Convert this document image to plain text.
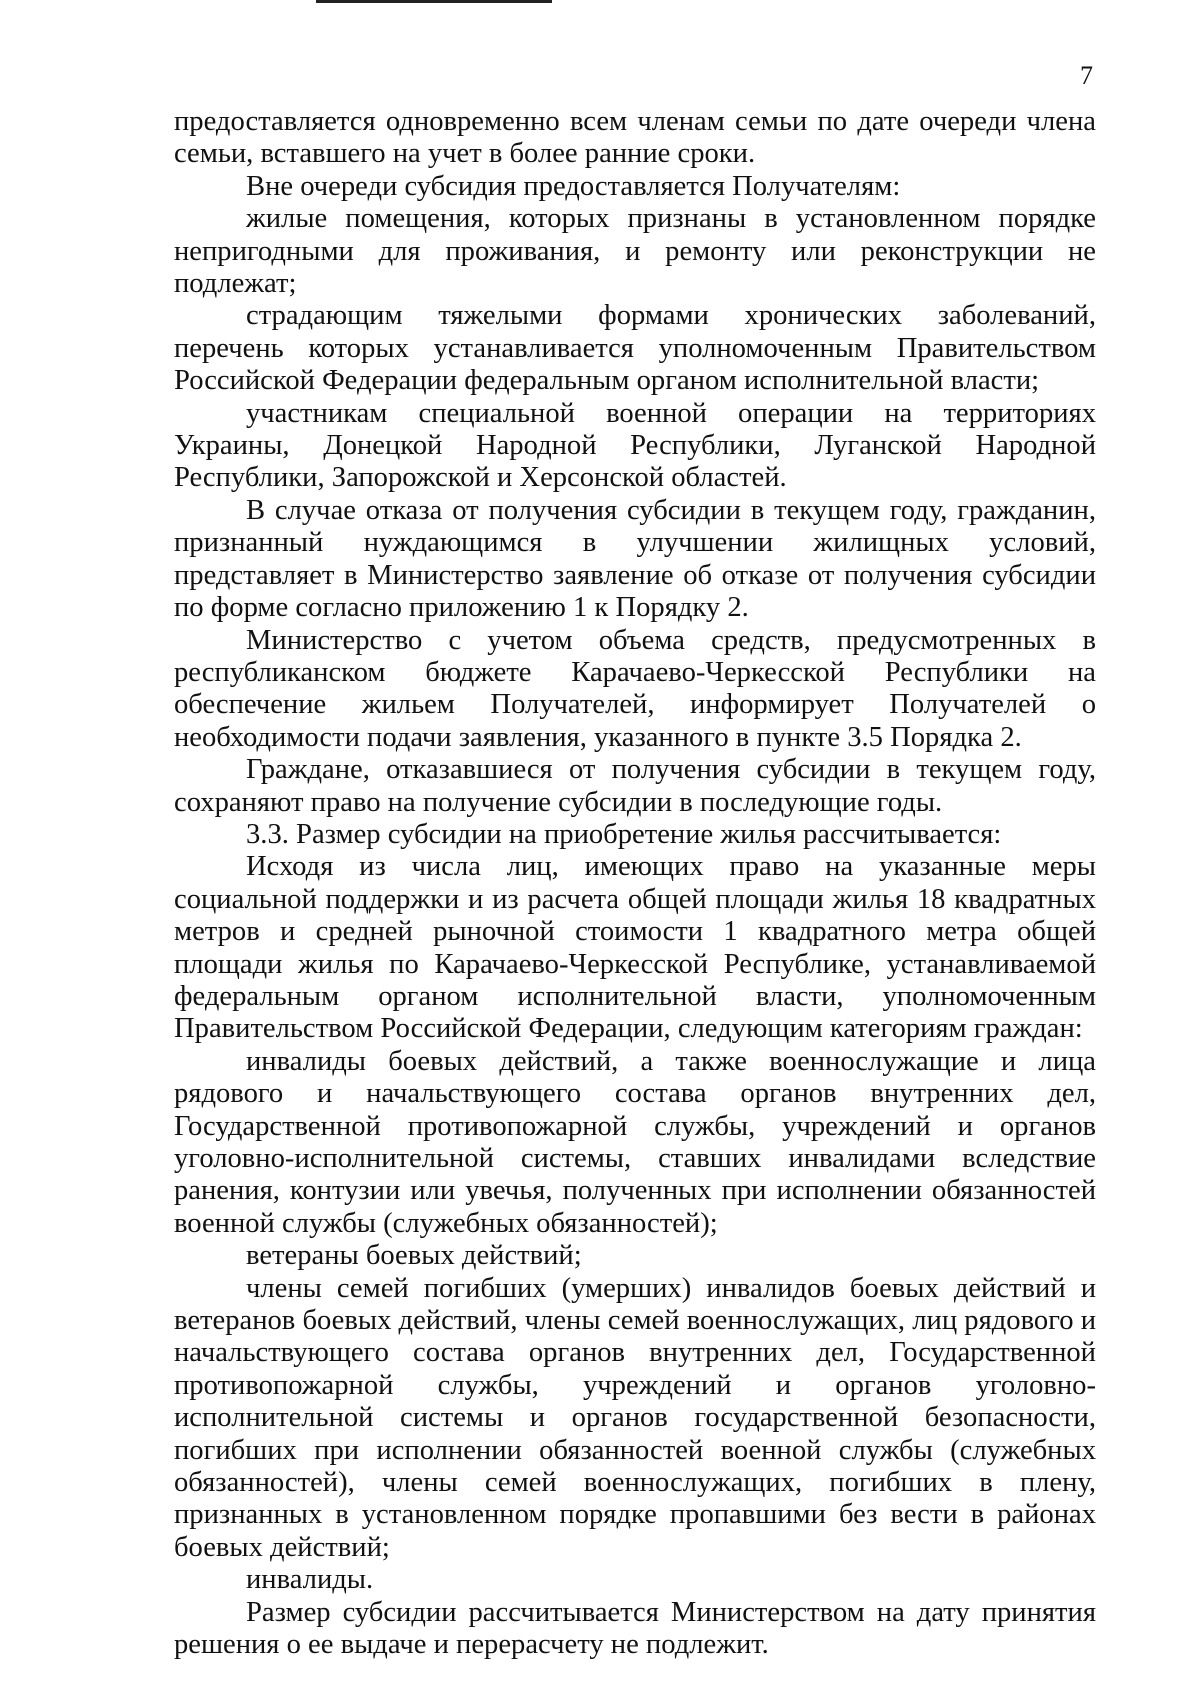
7

предоставляется одновременно всем членам семьи по дате очереди члена семьи, вставшего на учет в более ранние сроки.

Вне очереди субсидия предоставляется Получателям:

жилые помещения, которых признаны в установленном порядке непригодными для проживания, и ремонту или реконструкции не подлежат;

страдающим тяжелыми формами хронических заболеваний, перечень которых устанавливается уполномоченным Правительством Российской Федерации федеральным органом исполнительной власти;

участникам специальной военной операции на территориях Украины, Донецкой Народной Республики, Луганской Народной Республики, Запорожской и Херсонской областей.

В случае отказа от получения субсидии в текущем году, гражданин, признанный нуждающимся в улучшении жилищных условий, представляет в Министерство заявление об отказе от получения субсидии по форме согласно приложению 1 к Порядку 2.

Министерство с учетом объема средств, предусмотренных в республиканском бюджете Карачаево-Черкесской Республики на обеспечение жильем Получателей, информирует Получателей о необходимости подачи заявления, указанного в пункте 3.5 Порядка 2.

Граждане, отказавшиеся от получения субсидии в текущем году, сохраняют право на получение субсидии в последующие годы.

3.3. Размер субсидии на приобретение жилья рассчитывается:

Исходя из числа лиц, имеющих право на указанные меры социальной поддержки и из расчета общей площади жилья 18 квадратных метров и средней рыночной стоимости 1 квадратного метра общей площади жилья по Карачаево-Черкесской Республике, устанавливаемой федеральным органом исполнительной власти, уполномоченным Правительством Российской Федерации, следующим категориям граждан:

инвалиды боевых действий, а также военнослужащие и лица рядового и начальствующего состава органов внутренних дел, Государственной противопожарной службы, учреждений и органов уголовно-исполнительной системы, ставших инвалидами вследствие ранения, контузии или увечья, полученных при исполнении обязанностей военной службы (служебных обязанностей);

ветераны боевых действий;

члены семей погибших (умерших) инвалидов боевых действий и ветеранов боевых действий, члены семей военнослужащих, лиц рядового и начальствующего состава органов внутренних дел, Государственной противопожарной службы, учреждений и органов уголовно-исполнительной системы и органов государственной безопасности, погибших при исполнении обязанностей военной службы (служебных обязанностей), члены семей военнослужащих, погибших в плену, признанных в установленном порядке пропавшими без вести в районах боевых действий;

инвалиды.

Размер субсидии рассчитывается Министерством на дату принятия решения о ее выдаче и перерасчету не подлежит.
